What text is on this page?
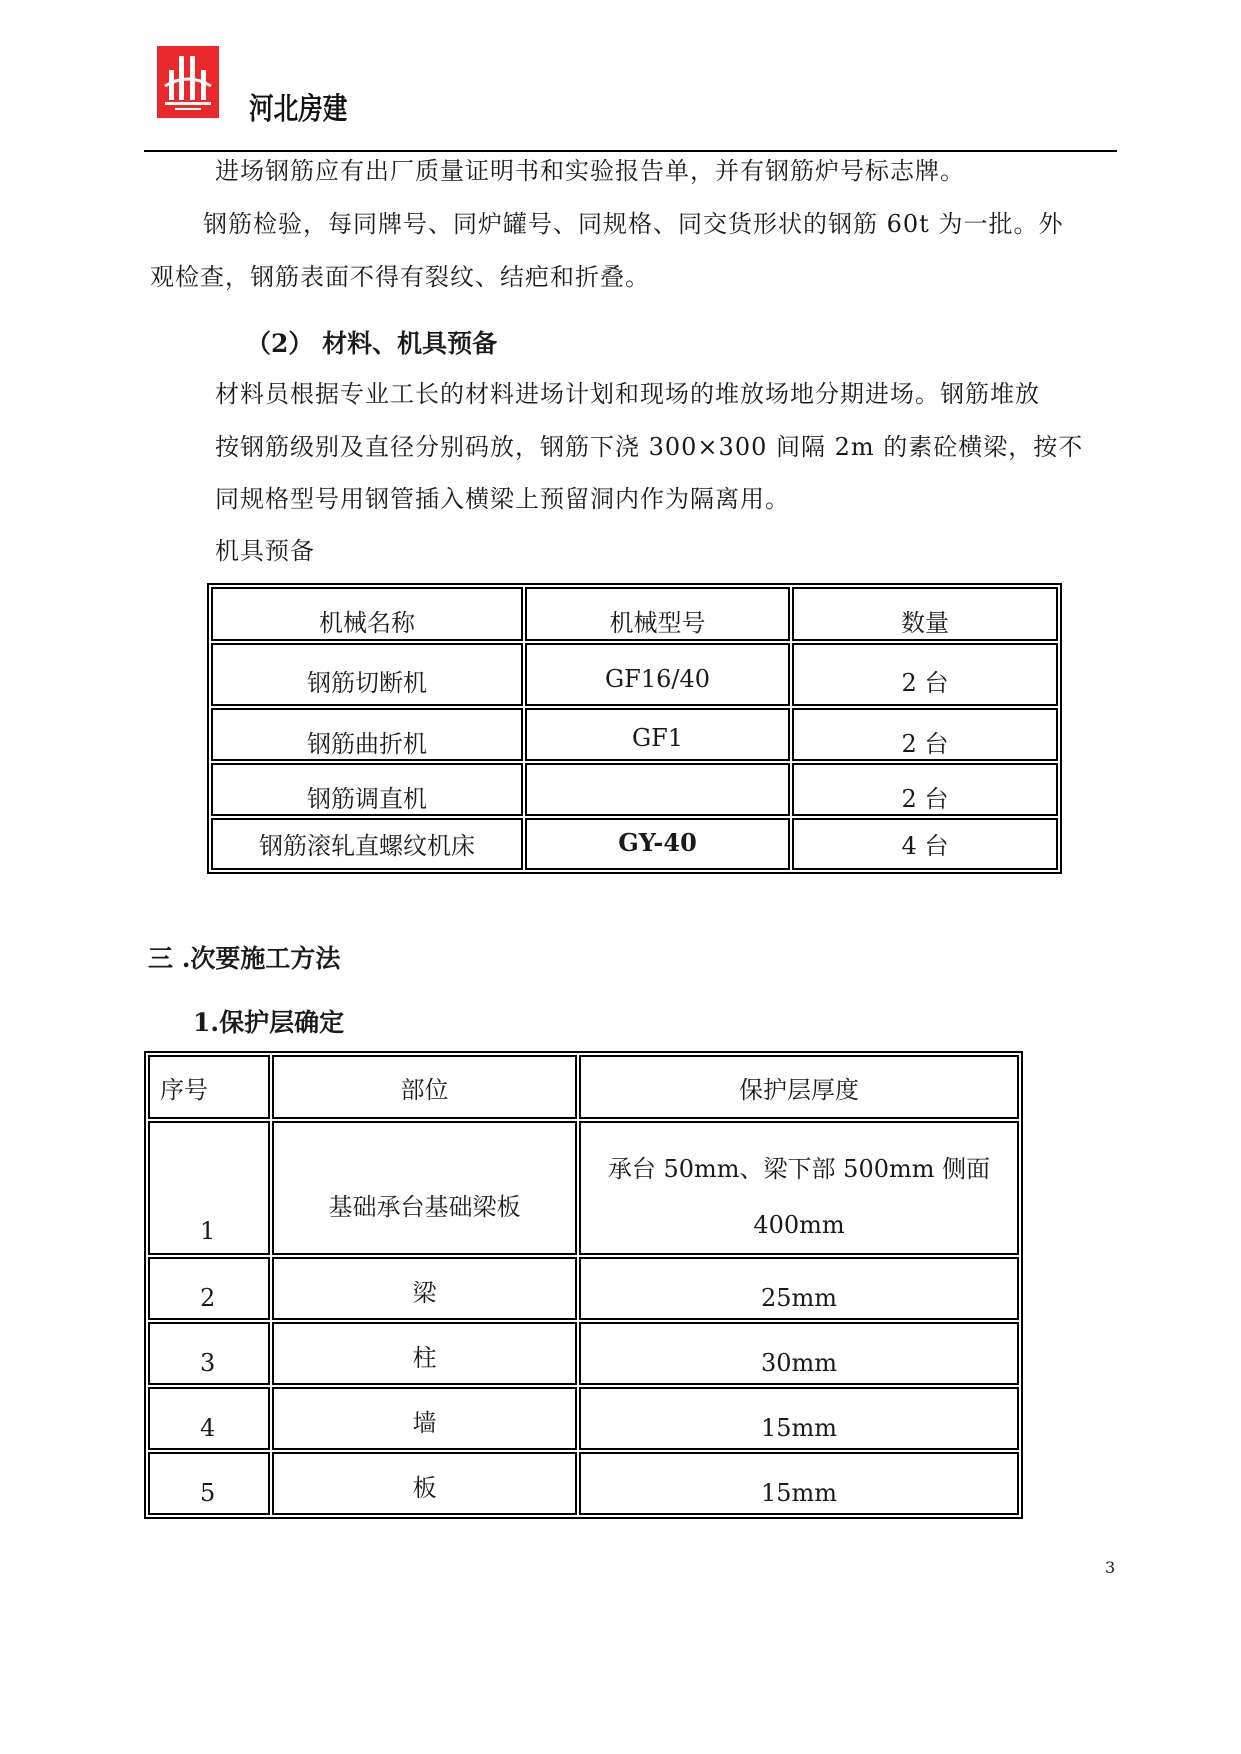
河北房建
进场钢筋应有出厂质量证明书和实验报告单，并有钢筋炉号标志牌。
钢筋检验，每同牌号、同炉罐号、同规格、同交货形状的钢筋 60t 为一批。外
观检查，钢筋表面不得有裂纹、结疤和折叠。
（2） 材料、机具预备
材料员根据专业工长的材料进场计划和现场的堆放场地分期进场。钢筋堆放
按钢筋级别及直径分别码放，钢筋下浇 300×300 间隔 2m 的素砼横梁，按不
同规格型号用钢管插入横梁上预留洞内作为隔离用。
机具预备
机械名称	机械型号	数量
钢筋切断机	GF16/40	2 台
钢筋曲折机	GF1	2 台
钢筋调直机		2 台
钢筋滚轧直螺纹机床	GY-40	4 台
三 .次要施工方法
1.保护层确定
序号	部位	保护层厚度
1	基础承台基础梁板	承台 50mm、梁下部 500mm 侧面
400mm

2	梁	25mm
3	柱	30mm
4	墙	15mm
5	板	15mm
3
